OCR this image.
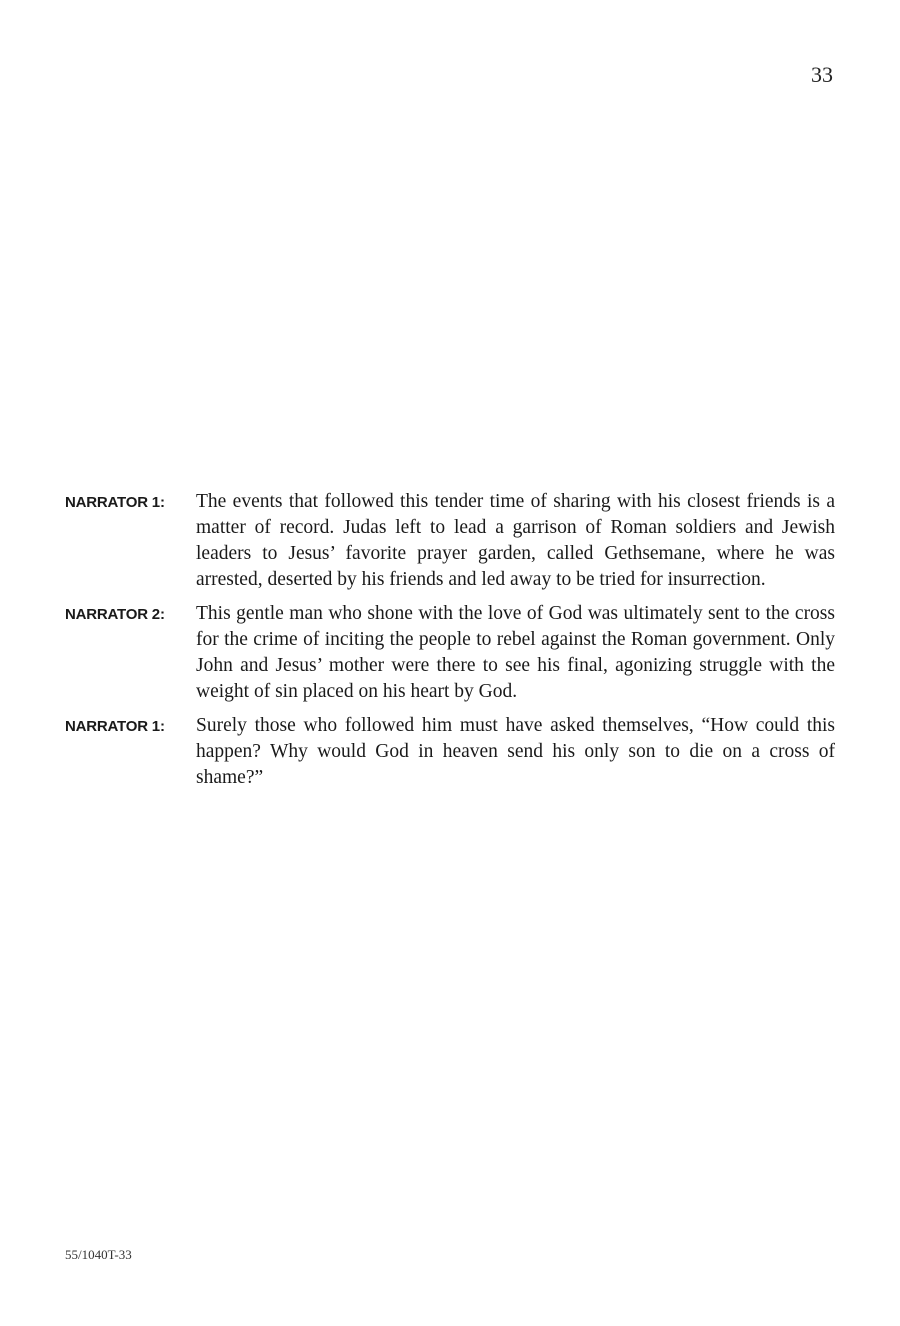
33
NARRATOR 1:	The events that followed this tender time of sharing with his closest friends is a matter of record. Judas left to lead a garrison of Roman soldiers and Jewish leaders to Jesus’ favorite prayer garden, called Gethsemane, where he was arrested, deserted by his friends and led away to be tried for insurrection.
NARRATOR 2:	This gentle man who shone with the love of God was ultimately sent to the cross for the crime of inciting the people to rebel against the Roman government. Only John and Jesus’ mother were there to see his final, agonizing struggle with the weight of sin placed on his heart by God.
NARRATOR 1:	Surely those who followed him must have asked themselves, “How could this happen? Why would God in heaven send his only son to die on a cross of shame?”
55/1040T-33
